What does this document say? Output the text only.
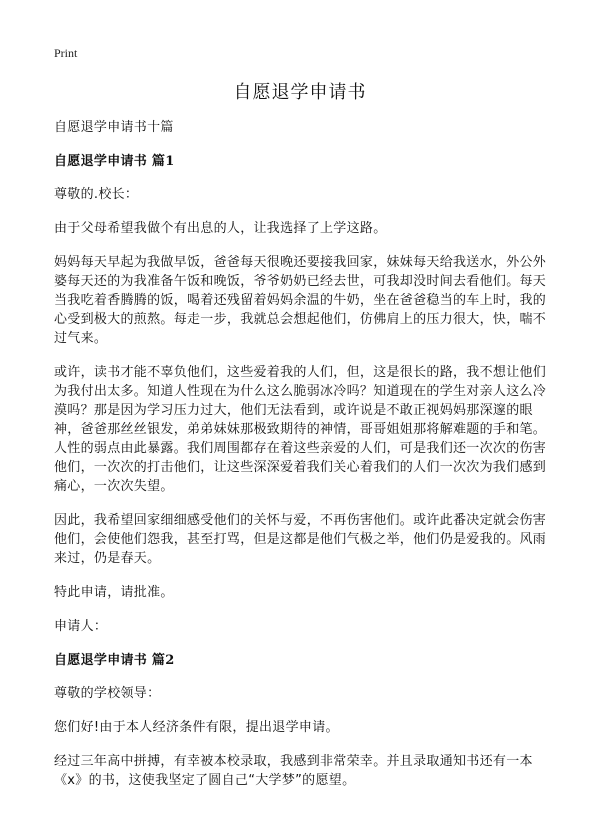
Print
自愿退学申请书

自愿退学申请书十篇

自愿退学申请书 篇1

尊敬的.校长：

由于父母希望我做个有出息的人，让我选择了上学这路。

妈妈每天早起为我做早饭，爸爸每天很晚还要接我回家，妹妹每天给我送水，外公外婆每天还的为我准备午饭和晚饭，爷爷奶奶已经去世，可我却没时间去看他们。每天当我吃着香腾腾的饭，喝着还残留着妈妈余温的牛奶，坐在爸爸稳当的车上时，我的心受到极大的煎熬。每走一步，我就总会想起他们，仿佛肩上的压力很大，快，喘不过气来。

或许，读书才能不辜负他们，这些爱着我的人们，但，这是很长的路，我不想让他们为我付出太多。知道人性现在为什么这么脆弱冰冷吗？知道现在的学生对亲人这么冷漠吗？那是因为学习压力过大，他们无法看到，或许说是不敢正视妈妈那深邃的眼神，爸爸那丝丝银发，弟弟妹妹那极致期待的神情，哥哥姐姐那将解难题的手和笔。人性的弱点由此暴露。我们周围都存在着这些亲爱的人们，可是我们还一次次的伤害他们，一次次的打击他们，让这些深深爱着我们关心着我们的人们一次次为我们感到痛心，一次次失望。

因此，我希望回家细细感受他们的关怀与爱，不再伤害他们。或许此番决定就会伤害他们，会使他们怨我，甚至打骂，但是这都是他们气极之举，他们仍是爱我的。风雨来过，仍是春天。

特此申请，请批准。

申请人：

自愿退学申请书 篇2

尊敬的学校领导：

您们好!由于本人经济条件有限，提出退学申请。

经过三年高中拼搏，有幸被本校录取，我感到非常荣幸。并且录取通知书还有一本《x》的书，这使我坚定了圆自己“大学梦”的愿望。
